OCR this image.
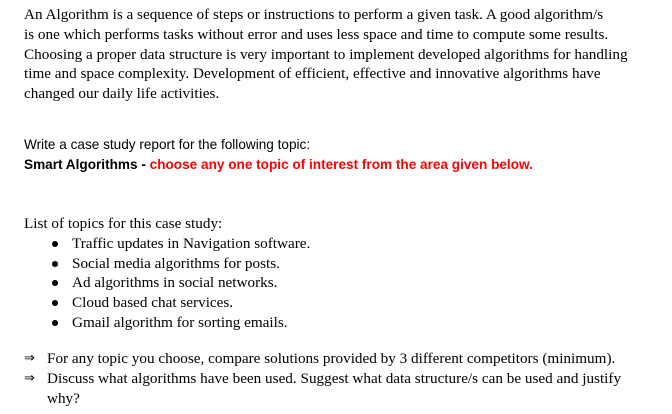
An Algorithm is a sequence of steps or instructions to perform a given task. A good algorithm/s
is one which performs tasks without error and uses less space and time to compute some results.
Choosing a proper data structure is very important to implement developed algorithms for handling
time and space complexity. Development of efficient, effective and innovative algorithms have
changed our daily life activities.
Write a case study report for the following topic:
Smart Algorithms - choose any one topic of interest from the area given below.
List of topics for this case study:
Traffic updates in Navigation software.
Social media algorithms for posts.
Ad algorithms in social networks.
Cloud based chat services.
Gmail algorithm for sorting emails.
⇒ For any topic you choose, compare solutions provided by 3 different competitors (minimum).
⇒ Discuss what algorithms have been used. Suggest what data structure/s can be used and justify
why?
